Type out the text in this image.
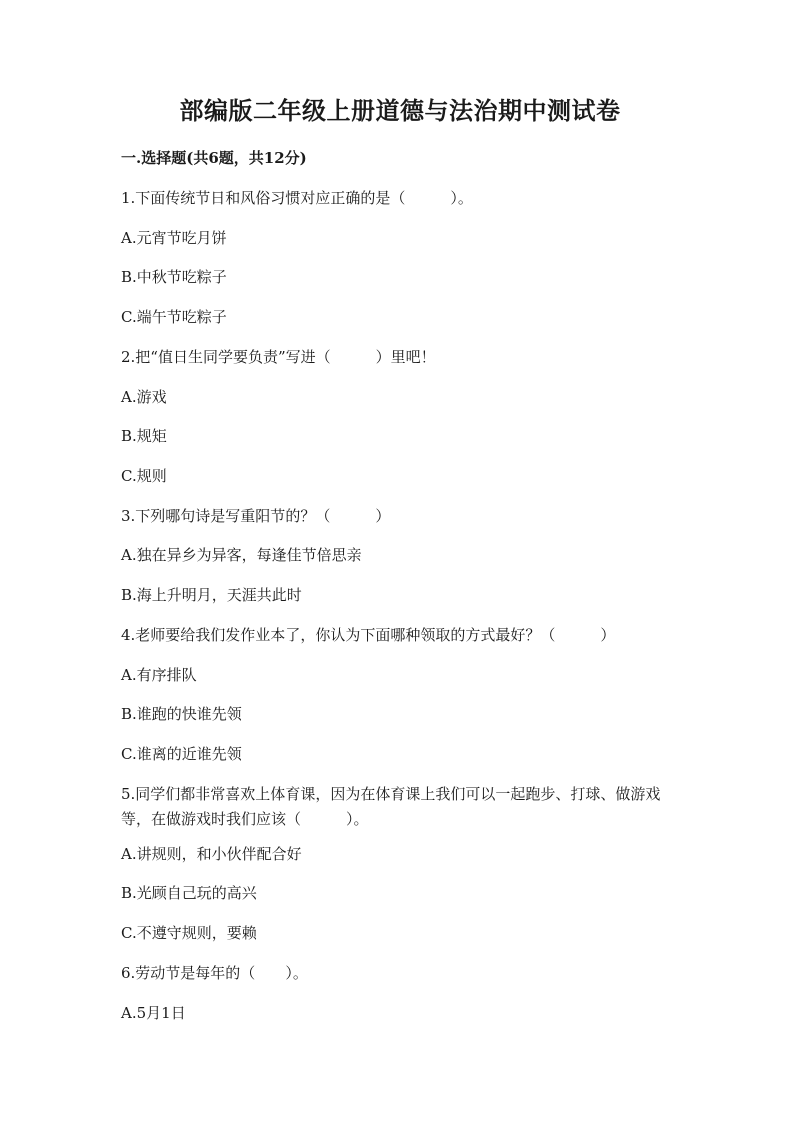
部编版二年级上册道德与法治期中测试卷
一.选择题(共6题，共12分)
1.下面传统节日和风俗习惯对应正确的是（　　　）。
A.元宵节吃月饼
B.中秋节吃粽子
C.端午节吃粽子
2.把“值日生同学要负责”写进（　　　）里吧！
A.游戏
B.规矩
C.规则
3.下列哪句诗是写重阳节的？（　　　）
A.独在异乡为异客，每逢佳节倍思亲
B.海上升明月，天涯共此时
4.老师要给我们发作业本了，你认为下面哪种领取的方式最好？（　　　）
A.有序排队
B.谁跑的快谁先领
C.谁离的近谁先领
5.同学们都非常喜欢上体育课，因为在体育课上我们可以一起跑步、打球、做游戏等，在做游戏时我们应该（　　　）。
A.讲规则，和小伙伴配合好
B.光顾自己玩的高兴
C.不遵守规则，要赖
6.劳动节是每年的（　　）。
A.5月1日
